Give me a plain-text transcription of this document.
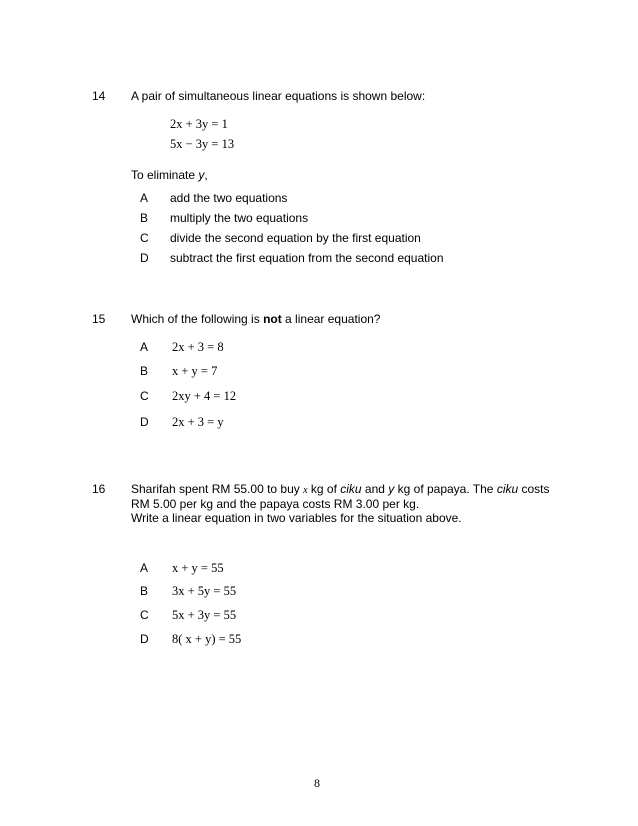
14 A pair of simultaneous linear equations is shown below:
2x + 3y = 1
5x − 3y = 13
To eliminate y,
A add the two equations
B multiply the two equations
C divide the second equation by the first equation
D subtract the first equation from the second equation
15 Which of the following is not a linear equation?
A 2x + 3 = 8
B x + y = 7
C 2xy + 4 = 12
D 2x + 3 = y
16 Sharifah spent RM 55.00 to buy x kg of ciku and y kg of papaya. The ciku costs
RM 5.00 per kg and the papaya costs RM 3.00 per kg.
Write a linear equation in two variables for the situation above.
A x + y = 55
B 3x + 5y = 55
C 5x + 3y = 55
D 8( x + y) = 55
8
